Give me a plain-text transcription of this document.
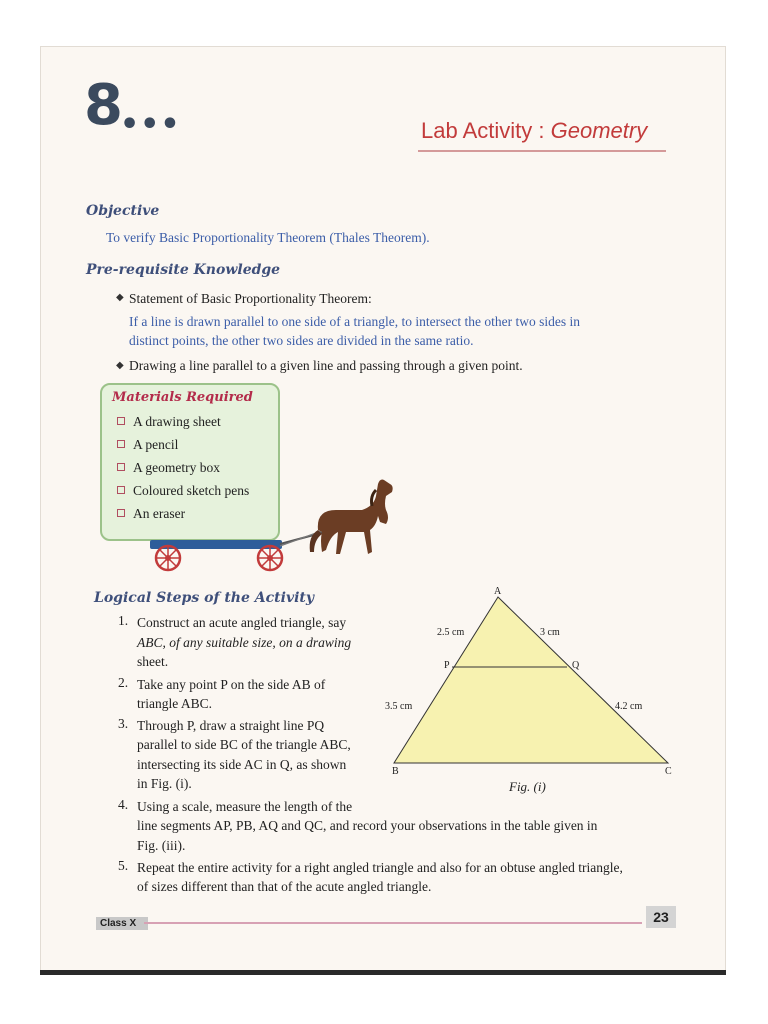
8 •••	Lab Activity : Geometry
Objective
To verify Basic Proportionality Theorem (Thales Theorem).
Pre-requisite Knowledge
◆ Statement of Basic Proportionality Theorem:
If a line is drawn parallel to one side of a triangle, to intersect the other two sides in
distinct points, the other two sides are divided in the same ratio.
◆ Drawing a line parallel to a given line and passing through a given point.
Materials Required
A drawing sheet
A pencil
A geometry box
Coloured sketch pens
An eraser
Logical Steps of the Activity
1. Construct an acute angled triangle, say
ABC, of any suitable size, on a drawing
sheet.
2. Take any point P on the side AB of
triangle ABC.
3. Through P, draw a straight line PQ
parallel to side BC of the triangle ABC,
intersecting its side AC in Q, as shown
in Fig. (i).
4. Using a scale, measure the length of the
line segments AP, PB, AQ and QC, and record your observations in the table given in
Fig. (iii).
5. Repeat the entire activity for a right angled triangle and also for an obtuse angled triangle,
of sizes different than that of the acute angled triangle.
A
B	C
P	Q
2.5 cm	3 cm
3.5 cm	4.2 cm
Fig. (i)
Class X	23
